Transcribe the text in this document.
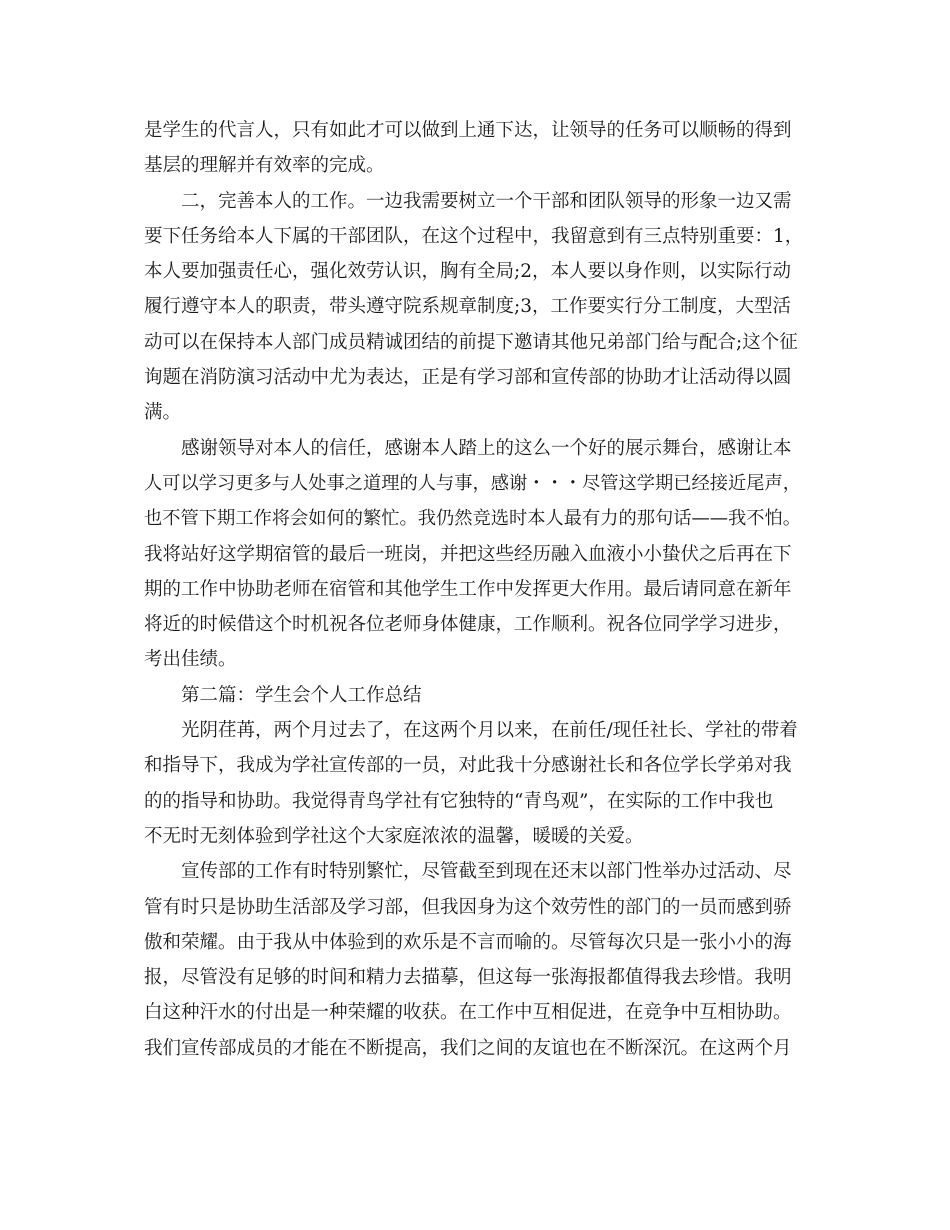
是学生的代言人，只有如此才可以做到上通下达，让领导的任务可以顺畅的得到
基层的理解并有效率的完成。
二，完善本人的工作。一边我需要树立一个干部和团队领导的形象一边又需
要下任务给本人下属的干部团队，在这个过程中，我留意到有三点特别重要：1，
本人要加强责任心，强化效劳认识，胸有全局;2，本人要以身作则，以实际行动
履行遵守本人的职责，带头遵守院系规章制度;3，工作要实行分工制度，大型活
动可以在保持本人部门成员精诚团结的前提下邀请其他兄弟部门给与配合;这个征
询题在消防演习活动中尤为表达，正是有学习部和宣传部的协助才让活动得以圆
满。
感谢领导对本人的信任，感谢本人踏上的这么一个好的展示舞台，感谢让本
人可以学习更多与人处事之道理的人与事，感谢・・・尽管这学期已经接近尾声，
也不管下期工作将会如何的繁忙。我仍然竞选时本人最有力的那句话——我不怕。
我将站好这学期宿管的最后一班岗，并把这些经历融入血液小小蛰伏之后再在下
期的工作中协助老师在宿管和其他学生工作中发挥更大作用。最后请同意在新年
将近的时候借这个时机祝各位老师身体健康，工作顺利。祝各位同学学习进步，
考出佳绩。
第二篇：学生会个人工作总结
光阴荏苒，两个月过去了，在这两个月以来，在前任/现任社长、学社的带着
和指导下，我成为学社宣传部的一员，对此我十分感谢社长和各位学长学弟对我
的的指导和协助。我觉得青鸟学社有它独特的“青鸟观”，在实际的工作中我也
不无时无刻体验到学社这个大家庭浓浓的温馨，暖暖的关爱。
宣传部的工作有时特别繁忙，尽管截至到现在还末以部门性举办过活动、尽
管有时只是协助生活部及学习部，但我因身为这个效劳性的部门的一员而感到骄
傲和荣耀。由于我从中体验到的欢乐是不言而喻的。尽管每次只是一张小小的海
报，尽管没有足够的时间和精力去描摹，但这每一张海报都值得我去珍惜。我明
白这种汗水的付出是一种荣耀的收获。在工作中互相促进，在竞争中互相协助。
我们宣传部成员的才能在不断提高，我们之间的友谊也在不断深沉。在这两个月
